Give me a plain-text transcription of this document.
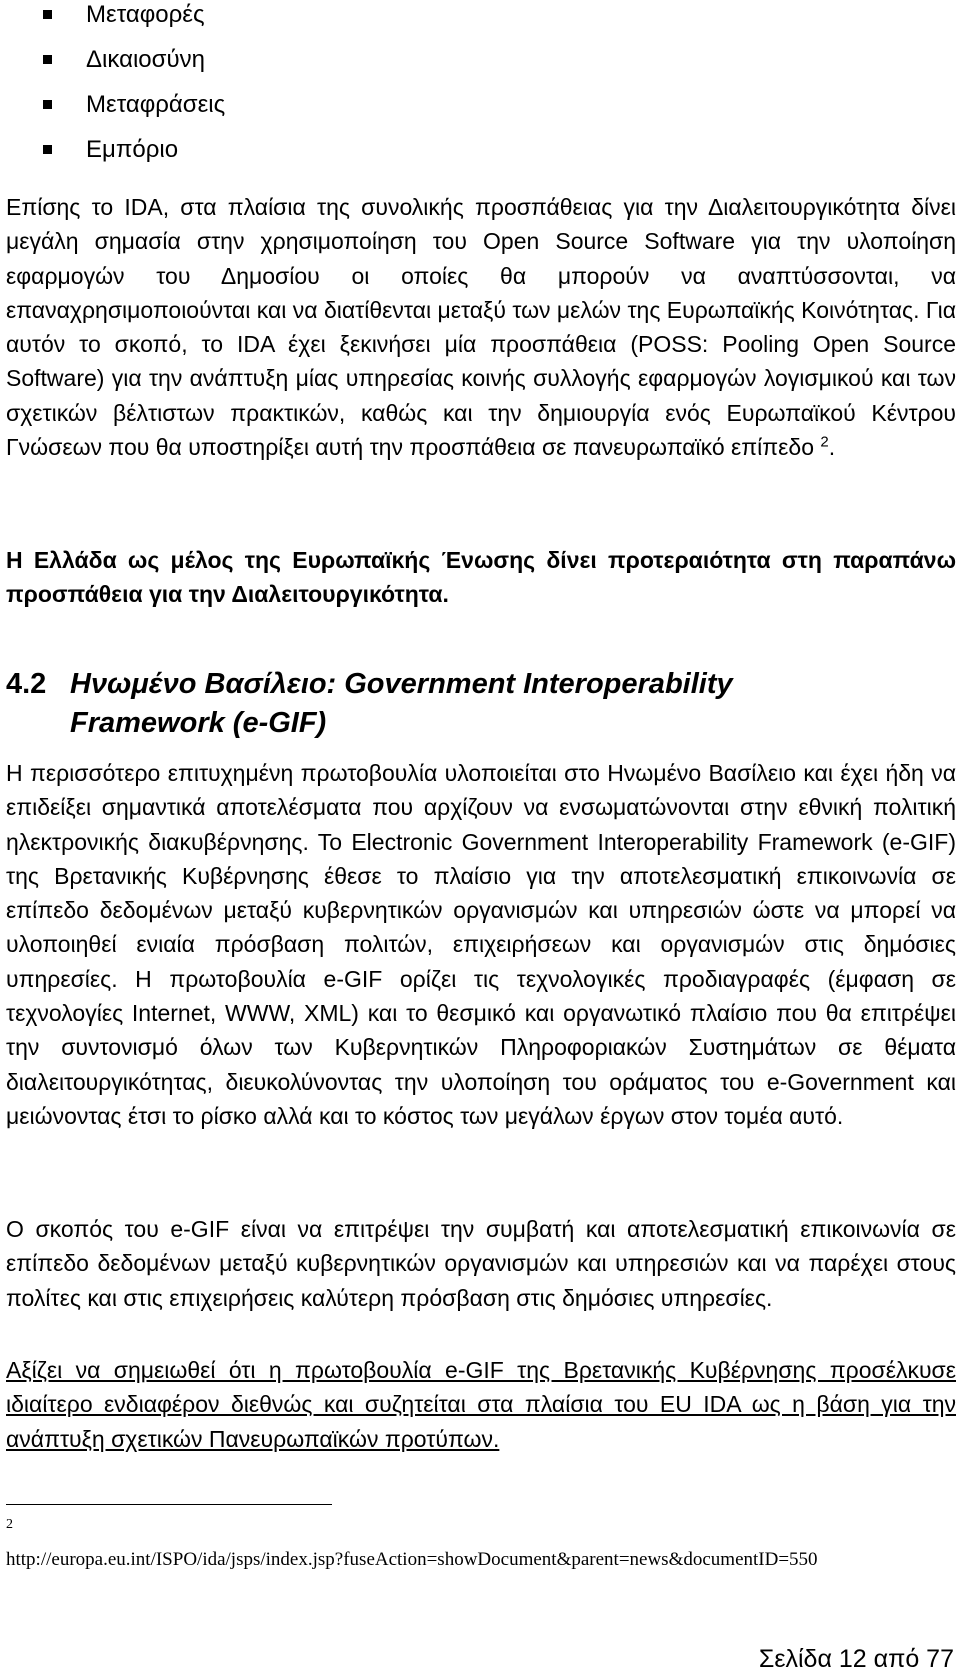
Μεταφορές
Δικαιοσύνη
Μεταφράσεις
Εμπόριο

Επίσης το IDA, στα πλαίσια της συνολικής προσπάθειας για την Διαλειτουργικότητα δίνει μεγάλη σημασία στην χρησιμοποίηση του Open Source Software για την υλοποίηση εφαρμογών του Δημοσίου οι οποίες θα μπορούν να αναπτύσσονται, να επαναχρησιμοποιούνται και να διατίθενται μεταξύ των μελών της Ευρωπαϊκής Κοινότητας. Για αυτόν το σκοπό, το IDA έχει ξεκινήσει μία προσπάθεια (POSS: Pooling Open Source Software) για την ανάπτυξη μίας υπηρεσίας κοινής συλλογής εφαρμογών λογισμικού και των σχετικών βέλτιστων πρακτικών, καθώς και την δημιουργία ενός Ευρωπαϊκού Κέντρου Γνώσεων που θα υποστηρίξει αυτή την προσπάθεια σε πανευρωπαϊκό επίπεδο $^2$.

Η Ελλάδα ως μέλος της Ευρωπαϊκής Ένωσης δίνει προτεραιότητα στη παραπάνω προσπάθεια για την Διαλειτουργικότητα.

4.2 Ηνωμένο Βασίλειο: Government Interoperability
Framework (e-GIF)

Η περισσότερο επιτυχημένη πρωτοβουλία υλοποιείται στο Ηνωμένο Βασίλειο και έχει ήδη να επιδείξει σημαντικά αποτελέσματα που αρχίζουν να ενσωματώνονται στην εθνική πολιτική ηλεκτρονικής διακυβέρνησης. Το Electronic Government Interoperability Framework (e-GIF) της Βρετανικής Κυβέρνησης έθεσε το πλαίσιο για την αποτελεσματική επικοινωνία σε επίπεδο δεδομένων μεταξύ κυβερνητικών οργανισμών και υπηρεσιών ώστε να μπορεί να υλοποιηθεί ενιαία πρόσβαση πολιτών, επιχειρήσεων και οργανισμών στις δημόσιες υπηρεσίες. Η πρωτοβουλία e-GIF ορίζει τις τεχνολογικές προδιαγραφές (έμφαση σε τεχνολογίες Internet, WWW, XML) και το θεσμικό και οργανωτικό πλαίσιο που θα επιτρέψει την συντονισμό όλων των Κυβερνητικών Πληροφοριακών Συστημάτων σε θέματα διαλειτουργικότητας, διευκολύνοντας την υλοποίηση του οράματος του e-Government και μειώνοντας έτσι το ρίσκο αλλά και το κόστος των μεγάλων έργων στον τομέα αυτό.

Ο σκοπός του e-GIF είναι να επιτρέψει την συμβατή και αποτελεσματική επικοινωνία σε επίπεδο δεδομένων μεταξύ κυβερνητικών οργανισμών και υπηρεσιών και να παρέχει στους πολίτες και στις επιχειρήσεις καλύτερη πρόσβαση στις δημόσιες υπηρεσίες.

Αξίζει να σημειωθεί ότι η πρωτοβουλία e-GIF της Βρετανικής Κυβέρνησης προσέλκυσε ιδιαίτερο ενδιαφέρον διεθνώς και συζητείται στα πλαίσια του EU IDA ως η βάση για την ανάπτυξη σχετικών Πανευρωπαϊκών προτύπων.

2
http://europa.eu.int/ISPO/ida/jsps/index.jsp?fuseAction=showDocument&parent=news&documentID=550
Σελίδα 12 από 77
